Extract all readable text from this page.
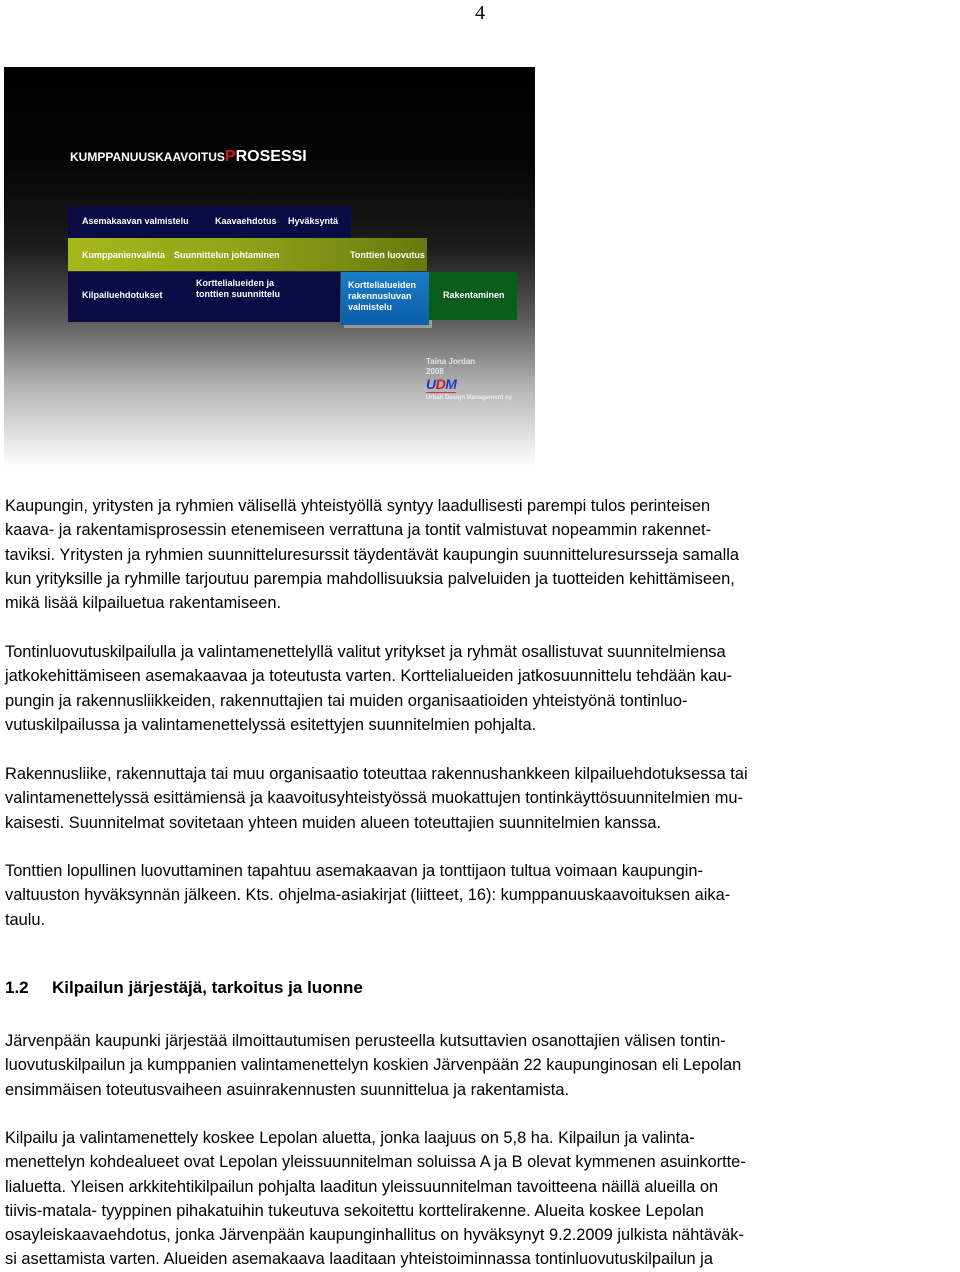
4
KUMPPANUUSKAAVOITUSPROSESSI
Asemakaavan valmistelu	Kaavaehdotus Hyväksyntä
Kumppanienvalinta Suunnittelun johtaminen	Tonttien luovutus
Kilpailuehdotukset
Korttelialueiden ja
tonttien suunnittelu
Korttelialueiden
rakennusluvan
valmistelu
Rakentaminen
Taina Jordan
2008
UDM
Urban Design Management oy

Kaupungin, yritysten ja ryhmien välisellä yhteistyöllä syntyy laadullisesti parempi tulos perinteisen

kaava- ja rakentamisprosessin etenemiseen verrattuna ja tontit valmistuvat nopeammin rakennet-

taviksi. Yritysten ja ryhmien suunnitteluresurssit täydentävät kaupungin suunnitteluresursseja samalla

kun yrityksille ja ryhmille tarjoutuu parempia mahdollisuuksia palveluiden ja tuotteiden kehittämiseen,

mikä lisää kilpailuetua rakentamiseen.

Tontinluovutuskilpailulla ja valintamenettelyllä valitut yritykset ja ryhmät osallistuvat suunnitelmiensa

jatkokehittämiseen asemakaavaa ja toteutusta varten. Korttelialueiden jatkosuunnittelu tehdään kau-

pungin ja rakennusliikkeiden, rakennuttajien tai muiden organisaatioiden yhteistyönä tontinluo-

vutuskilpailussa ja valintamenettelyssä esitettyjen suunnitelmien pohjalta.

Rakennusliike, rakennuttaja tai muu organisaatio toteuttaa rakennushankkeen kilpailuehdotuksessa tai

valintamenettelyssä esittämiensä ja kaavoitusyhteistyössä muokattujen tontinkäyttösuunnitelmien mu-

kaisesti. Suunnitelmat sovitetaan yhteen muiden alueen toteuttajien suunnitelmien kanssa.

Tonttien lopullinen luovuttaminen tapahtuu asemakaavan ja tonttijaon tultua voimaan kaupungin-

valtuuston hyväksynnän jälkeen. Kts. ohjelma-asiakirjat (liitteet, 16): kumppanuuskaavoituksen aika-

taulu.

1.2 Kilpailun järjestäjä, tarkoitus ja luonne

Järvenpään kaupunki järjestää ilmoittautumisen perusteella kutsuttavien osanottajien välisen tontin-

luovutuskilpailun ja kumppanien valintamenettelyn koskien Järvenpään 22 kaupunginosan eli Lepolan

ensimmäisen toteutusvaiheen asuinrakennusten suunnittelua ja rakentamista.

Kilpailu ja valintamenettely koskee Lepolan aluetta, jonka laajuus on 5,8 ha. Kilpailun ja valinta-

menettelyn kohdealueet ovat Lepolan yleissuunnitelman soluissa A ja B olevat kymmenen asuinkortte-

lialuetta. Yleisen arkkitehtikilpailun pohjalta laaditun yleissuunnitelman tavoitteena näillä alueilla on

tiivis-matala- tyyppinen pihakatuihin tukeutuva sekoitettu korttelirakenne. Alueita koskee Lepolan

osayleiskaavaehdotus, jonka Järvenpään kaupunginhallitus on hyväksynyt 9.2.2009 julkista nähtäväk-

si asettamista varten. Alueiden asemakaava laaditaan yhteistoiminnassa tontinluovutuskilpailun ja
